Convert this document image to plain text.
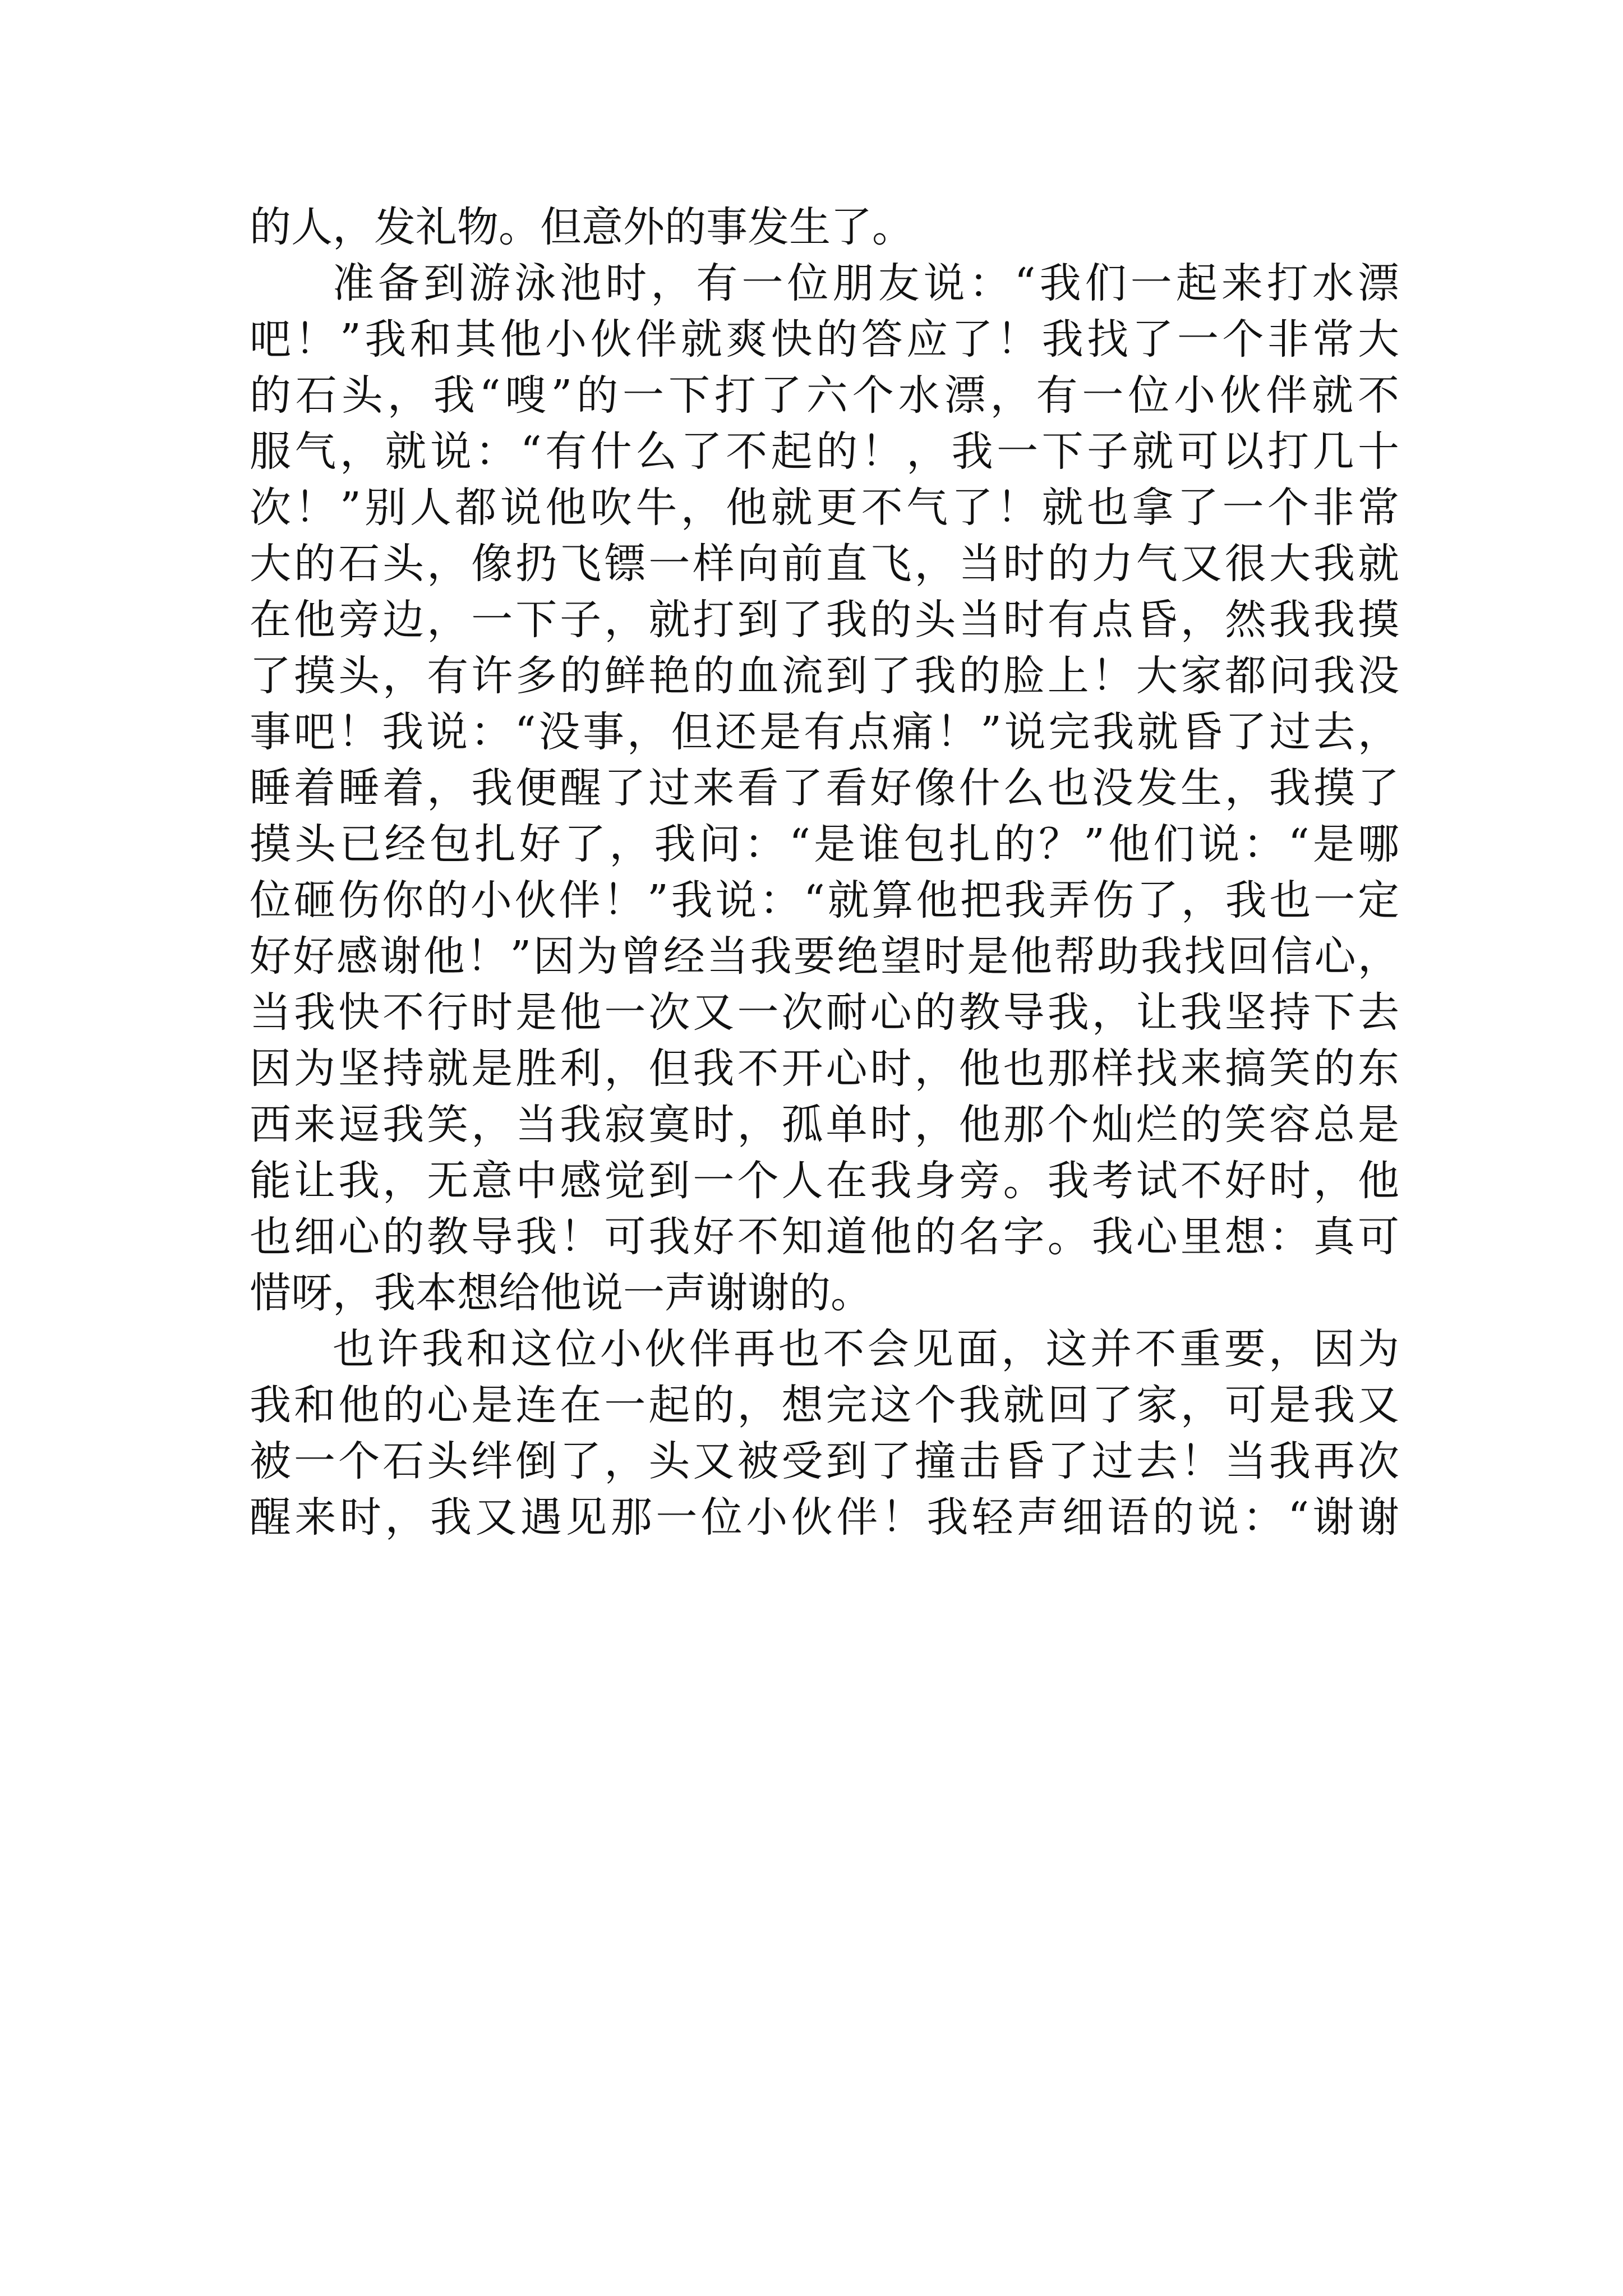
的人，发礼物。但意外的事发生了。
准备到游泳池时，有一位朋友说：“我们一起来打水漂
吧！”我和其他小伙伴就爽快的答应了！我找了一个非常大
的石头，我“嗖”的一下打了六个水漂，有一位小伙伴就不
服气，就说：“有什么了不起的！，我一下子就可以打几十
次！”别人都说他吹牛，他就更不气了！就也拿了一个非常
大的石头，像扔飞镖一样向前直飞，当时的力气又很大我就
在他旁边，一下子，就打到了我的头当时有点昏，然我我摸
了摸头，有许多的鲜艳的血流到了我的脸上！大家都问我没
事吧！我说：“没事，但还是有点痛！”说完我就昏了过去，
睡着睡着，我便醒了过来看了看好像什么也没发生，我摸了
摸头已经包扎好了，我问：“是谁包扎的？”他们说：“是哪
位砸伤你的小伙伴！”我说：“就算他把我弄伤了，我也一定
好好感谢他！”因为曾经当我要绝望时是他帮助我找回信心，
当我快不行时是他一次又一次耐心的教导我，让我坚持下去
因为坚持就是胜利，但我不开心时，他也那样找来搞笑的东
西来逗我笑，当我寂寞时，孤单时，他那个灿烂的笑容总是
能让我，无意中感觉到一个人在我身旁。我考试不好时，他
也细心的教导我！可我好不知道他的名字。我心里想：真可
惜呀，我本想给他说一声谢谢的。
也许我和这位小伙伴再也不会见面，这并不重要，因为
我和他的心是连在一起的，想完这个我就回了家，可是我又
被一个石头绊倒了，头又被受到了撞击昏了过去！当我再次
醒来时，我又遇见那一位小伙伴！我轻声细语的说：“谢谢
